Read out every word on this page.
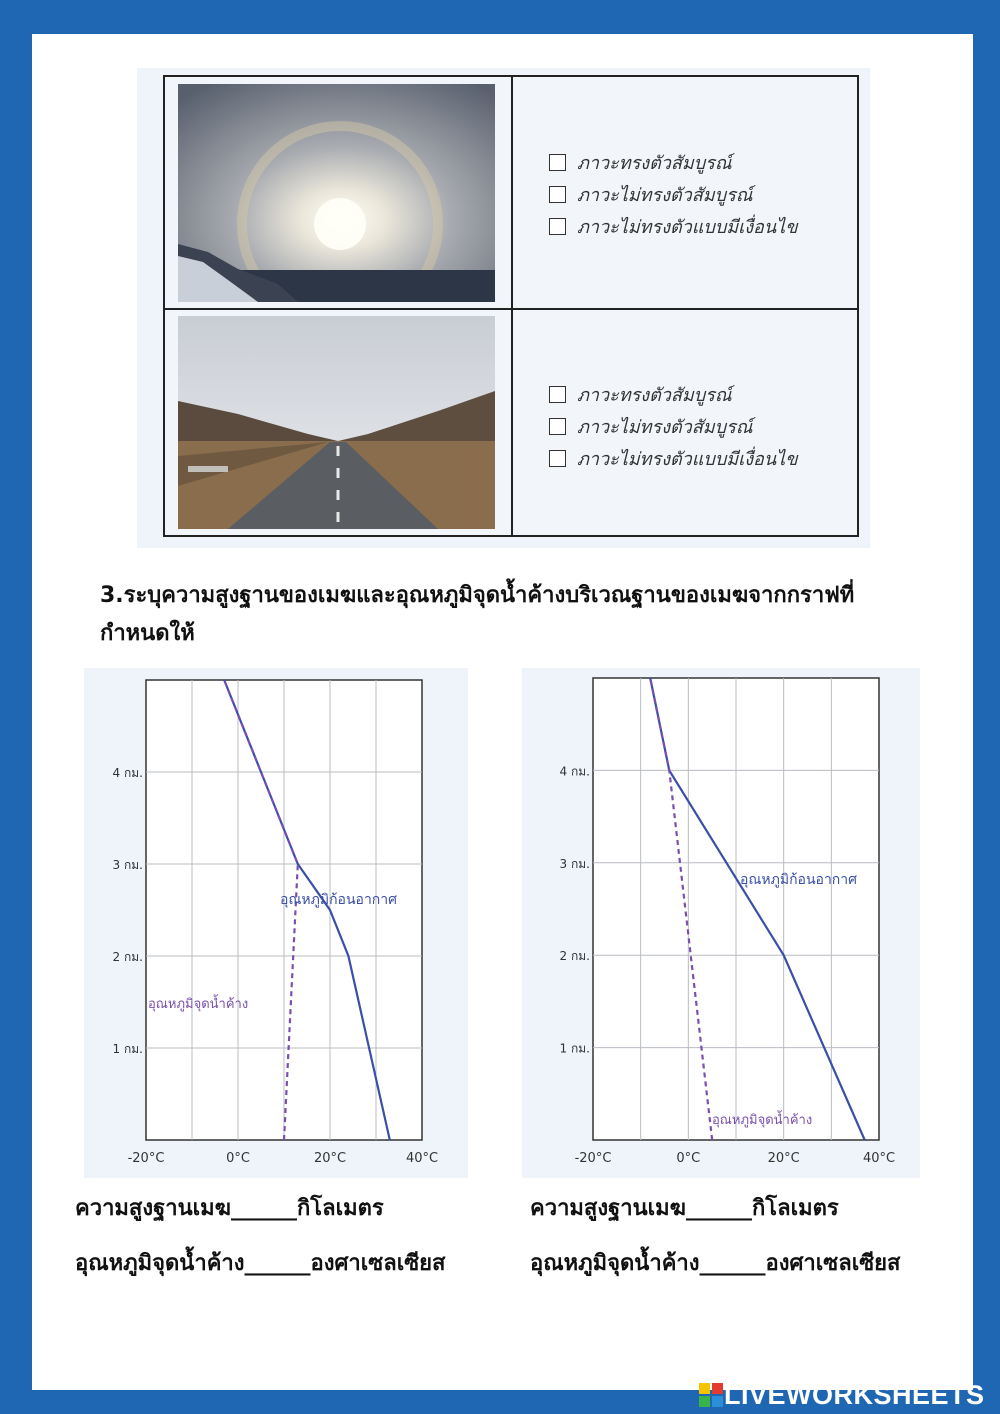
ภาวะทรงตัวสัมบูรณ์
ภาวะไม่ทรงตัวสัมบูรณ์
ภาวะไม่ทรงตัวแบบมีเงื่อนไข
ภาวะทรงตัวสัมบูรณ์
ภาวะไม่ทรงตัวสัมบูรณ์
ภาวะไม่ทรงตัวแบบมีเงื่อนไข
3.ระบุความสูงฐานของเมฆและอุณหภูมิจุดน้ำค้างบริเวณฐานของเมฆจากกราฟที่กำหนดให้
-20°C	0°C	20°C	40°C
1 กม.
2 กม.
3 กม.
4 กม.
อุณหภูมิก้อนอากาศ
อุณหภูมิจุดน้ำค้าง
-20°C	0°C	20°C	40°C
1 กม.
2 กม.
3 กม.
4 กม.
อุณหภูมิก้อนอากาศ
อุณหภูมิจุดน้ำค้าง
ความสูงฐานเมฆ______กิโลเมตร
อุณหภูมิจุดน้ำค้าง______องศาเซลเซียส
ความสูงฐานเมฆ______กิโลเมตร
อุณหภูมิจุดน้ำค้าง______องศาเซลเซียส
LIVEWORKSHEETS
